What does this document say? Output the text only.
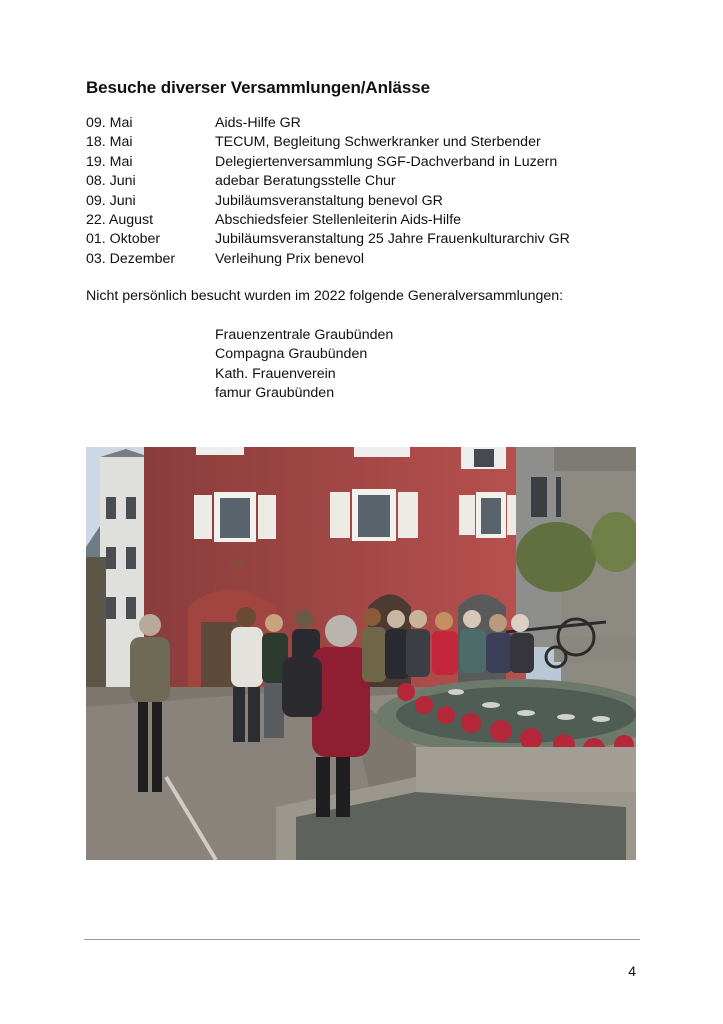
Besuche diverser Versammlungen/Anlässe
09. Mai	Aids-Hilfe GR
18. Mai	TECUM, Begleitung Schwerkranker und Sterbender
19. Mai	Delegiertenversammlung SGF-Dachverband in Luzern
08. Juni	adebar Beratungsstelle Chur
09. Juni	Jubiläumsveranstaltung benevol GR
22. August	Abschiedsfeier Stellenleiterin Aids-Hilfe
01. Oktober	Jubiläumsveranstaltung 25 Jahre Frauenkulturarchiv GR
03. Dezember	Verleihung Prix benevol

Nicht persönlich besucht wurden im 2022 folgende Generalversammlungen:

Frauenzentrale Graubünden
Compagna Graubünden
Kath. Frauenverein
famur Graubünden
4
